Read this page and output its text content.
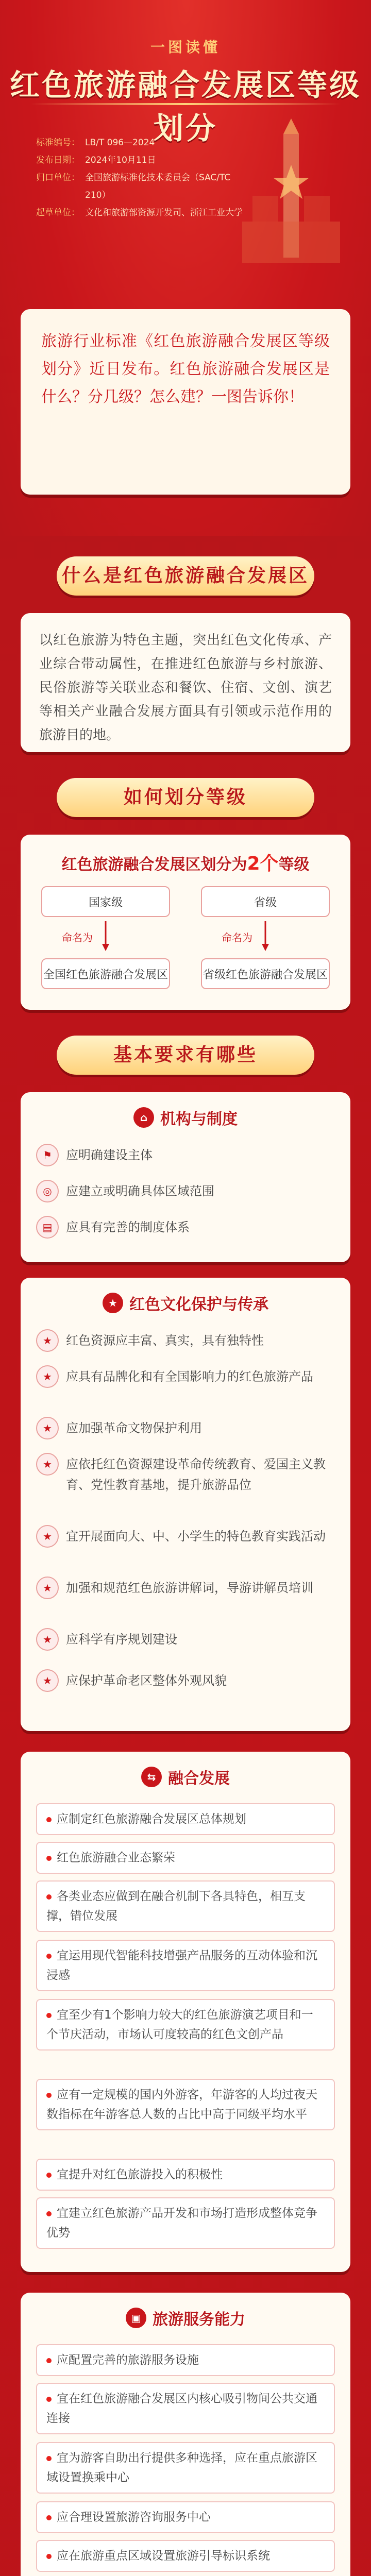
一图读懂
红色旅游融合发展区等级划分
标准编号： LB/T 096—2024
发布日期： 2024年10月11日
归口单位： 全国旅游标准化技术委员会（SAC/TC 210）
起草单位： 文化和旅游部资源开发司、浙江工业大学

旅游行业标准《红色旅游融合发展区等级划分》近日发布。红色旅游融合发展区是什么？分几级？怎么建？一图告诉你！

什么是红色旅游融合发展区

以红色旅游为特色主题，突出红色文化传承、产业综合带动属性，在推进红色旅游与乡村旅游、民俗旅游等关联业态和餐饮、住宿、文创、演艺等相关产业融合发展方面具有引领或示范作用的旅游目的地。

如何划分等级
红色旅游融合发展区划分为2个等级
国家级	省级
命名为	命名为
全国红色旅游融合发展区	省级红色旅游融合发展区
基本要求有哪些
⌂ 机构与制度
⚑	应明确建设主体
◎	应建立或明确具体区域范围
▤	应具有完善的制度体系
★ 红色文化保护与传承
★	红色资源应丰富、真实，具有独特性
★	应具有品牌化和有全国影响力的红色旅游产品
★	应加强革命文物保护利用
★	应依托红色资源建设革命传统教育、爱国主义教育、党性教育基地，提升旅游品位
★	宜开展面向大、中、小学生的特色教育实践活动
★	加强和规范红色旅游讲解词，导游讲解员培训
★	应科学有序规划建设
★	应保护革命老区整体外观风貌
⇆ 融合发展
应制定红色旅游融合发展区总体规划
红色旅游融合业态繁荣
各类业态应做到在融合机制下各具特色，相互支撑，错位发展
宜运用现代智能科技增强产品服务的互动体验和沉浸感
宜至少有1个影响力较大的红色旅游演艺项目和一个节庆活动，市场认可度较高的红色文创产品
应有一定规模的国内外游客，年游客的人均过夜天数指标在年游客总人数的占比中高于同级平均水平
宜提升对红色旅游投入的积极性
宜建立红色旅游产品开发和市场打造形成整体竞争优势
▣ 旅游服务能力
应配置完善的旅游服务设施
宜在红色旅游融合发展区内核心吸引物间公共交通连接
宜为游客自助出行提供多种选择，应在重点旅游区域设置换乘中心
应合理设置旅游咨询服务中心
应在旅游重点区域设置旅游引导标识系统
